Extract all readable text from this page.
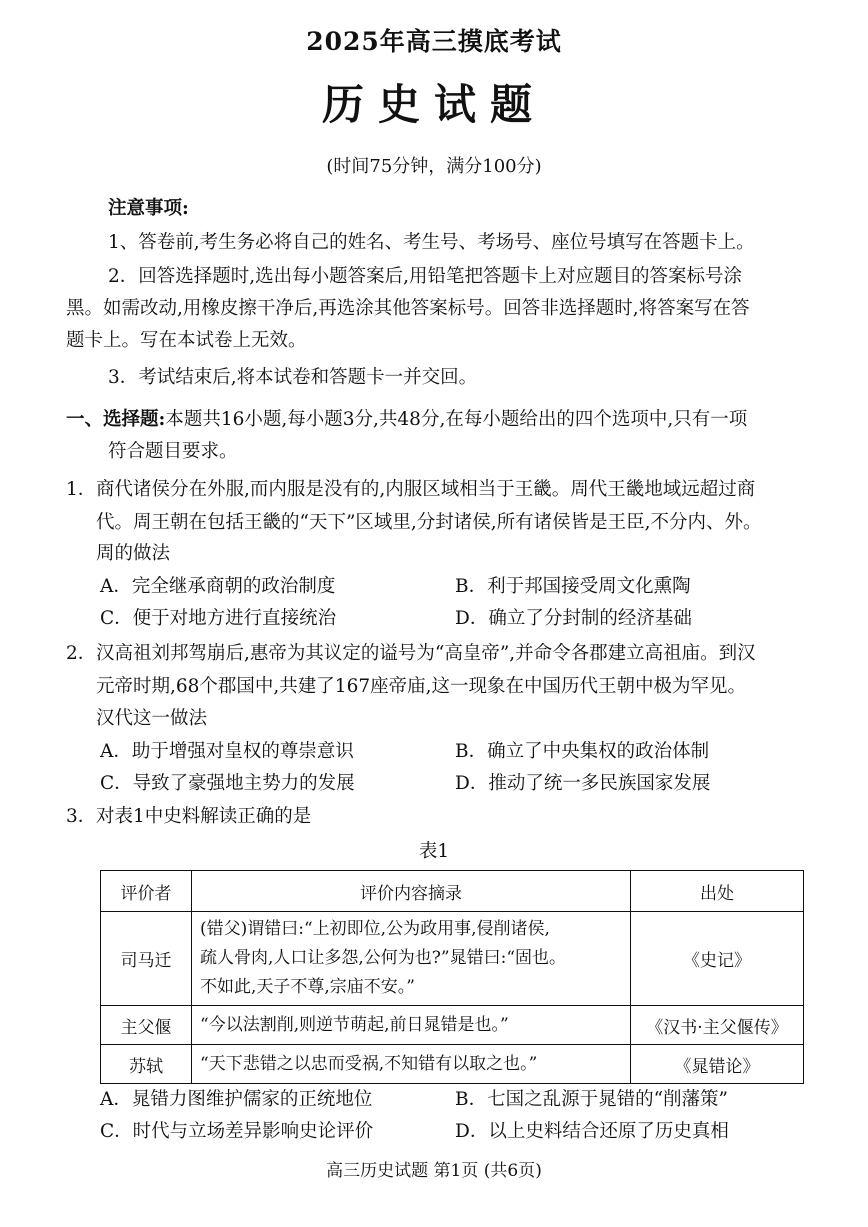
2025年高三摸底考试
历史试题
(时间75分钟，满分100分)
注意事项:
1、答卷前,考生务必将自己的姓名、考生号、考场号、座位号填写在答题卡上。
2．回答选择题时,选出每小题答案后,用铅笔把答题卡上对应题目的答案标号涂
黑。如需改动,用橡皮擦干净后,再选涂其他答案标号。回答非选择题时,将答案写在答
题卡上。写在本试卷上无效。
3．考试结束后,将本试卷和答题卡一并交回。
一、选择题:本题共16小题,每小题3分,共48分,在每小题给出的四个选项中,只有一项
符合题目要求。
1． 商代诸侯分在外服,而内服是没有的,内服区域相当于王畿。周代王畿地域远超过商
代。周王朝在包括王畿的“天下”区域里,分封诸侯,所有诸侯皆是王臣,不分内、外。
周的做法
A．完全继承商朝的政治制度	B．利于邦国接受周文化熏陶
C．便于对地方进行直接统治	D．确立了分封制的经济基础
2． 汉高祖刘邦驾崩后,惠帝为其议定的谥号为“高皇帝”,并命令各郡建立高祖庙。到汉
元帝时期,68个郡国中,共建了167座帝庙,这一现象在中国历代王朝中极为罕见。
汉代这一做法
A．助于增强对皇权的尊崇意识	B．确立了中央集权的政治体制
C．导致了豪强地主势力的发展	D．推动了统一多民族国家发展
3． 对表1中史料解读正确的是
表1
评价者	评价内容摘录	出处
司马迁	(错父)谓错曰:“上初即位,公为政用事,侵削诸侯,
疏人骨肉,人口让多怨,公何为也?”晁错曰:“固也。
不如此,天子不尊,宗庙不安。”	《史记》
主父偃	“今以法割削,则逆节萌起,前日晁错是也。”	《汉书·主父偃传》
苏轼	“天下悲错之以忠而受祸,不知错有以取之也。”	《晁错论》
A．晁错力图维护儒家的正统地位	B．七国之乱源于晁错的“削藩策”
C．时代与立场差异影响史论评价	D．以上史料结合还原了历史真相
高三历史试题 第1页 (共6页)
